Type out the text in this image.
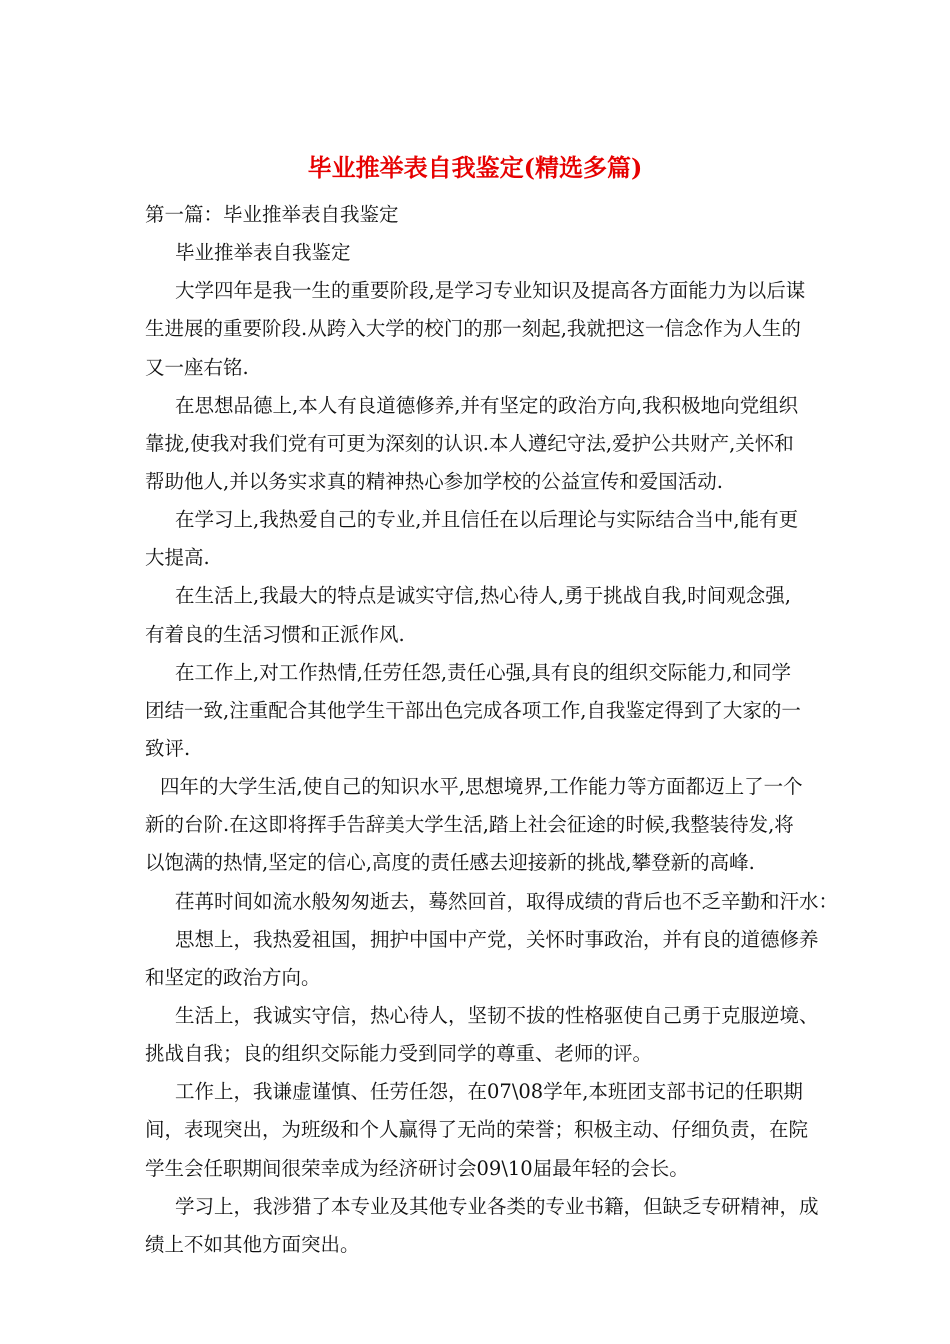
毕业推举表自我鉴定(精选多篇)
第一篇：毕业推举表自我鉴定
毕业推举表自我鉴定
大学四年是我一生的重要阶段,是学习专业知识及提高各方面能力为以后谋
生进展的重要阶段.从跨入大学的校门的那一刻起,我就把这一信念作为人生的
又一座右铭.
在思想品德上,本人有良道德修养,并有坚定的政治方向,我积极地向党组织
靠拢,使我对我们党有可更为深刻的认识.本人遵纪守法,爱护公共财产,关怀和
帮助他人,并以务实求真的精神热心参加学校的公益宣传和爱国活动.
在学习上,我热爱自己的专业,并且信任在以后理论与实际结合当中,能有更
大提高.
在生活上,我最大的特点是诚实守信,热心待人,勇于挑战自我,时间观念强,
有着良的生活习惯和正派作风.
在工作上,对工作热情,任劳任怨,责任心强,具有良的组织交际能力,和同学
团结一致,注重配合其他学生干部出色完成各项工作,自我鉴定得到了大家的一
致评.
四年的大学生活,使自己的知识水平,思想境界,工作能力等方面都迈上了一个
新的台阶.在这即将挥手告辞美大学生活,踏上社会征途的时候,我整装待发,将
以饱满的热情,坚定的信心,高度的责任感去迎接新的挑战,攀登新的高峰.
荏苒时间如流水般匆匆逝去，蓦然回首，取得成绩的背后也不乏辛勤和汗水：
思想上，我热爱祖国，拥护中国中产党，关怀时事政治，并有良的道德修养
和坚定的政治方向。
生活上，我诚实守信，热心待人，坚韧不拔的性格驱使自己勇于克服逆境、
挑战自我；良的组织交际能力受到同学的尊重、老师的评。
工作上，我谦虚谨慎、任劳任怨，在07\08学年,本班团支部书记的任职期
间，表现突出，为班级和个人赢得了无尚的荣誉；积极主动、仔细负责，在院
学生会任职期间很荣幸成为经济研讨会09\10届最年轻的会长。
学习上，我涉猎了本专业及其他专业各类的专业书籍，但缺乏专研精神，成
绩上不如其他方面突出。
